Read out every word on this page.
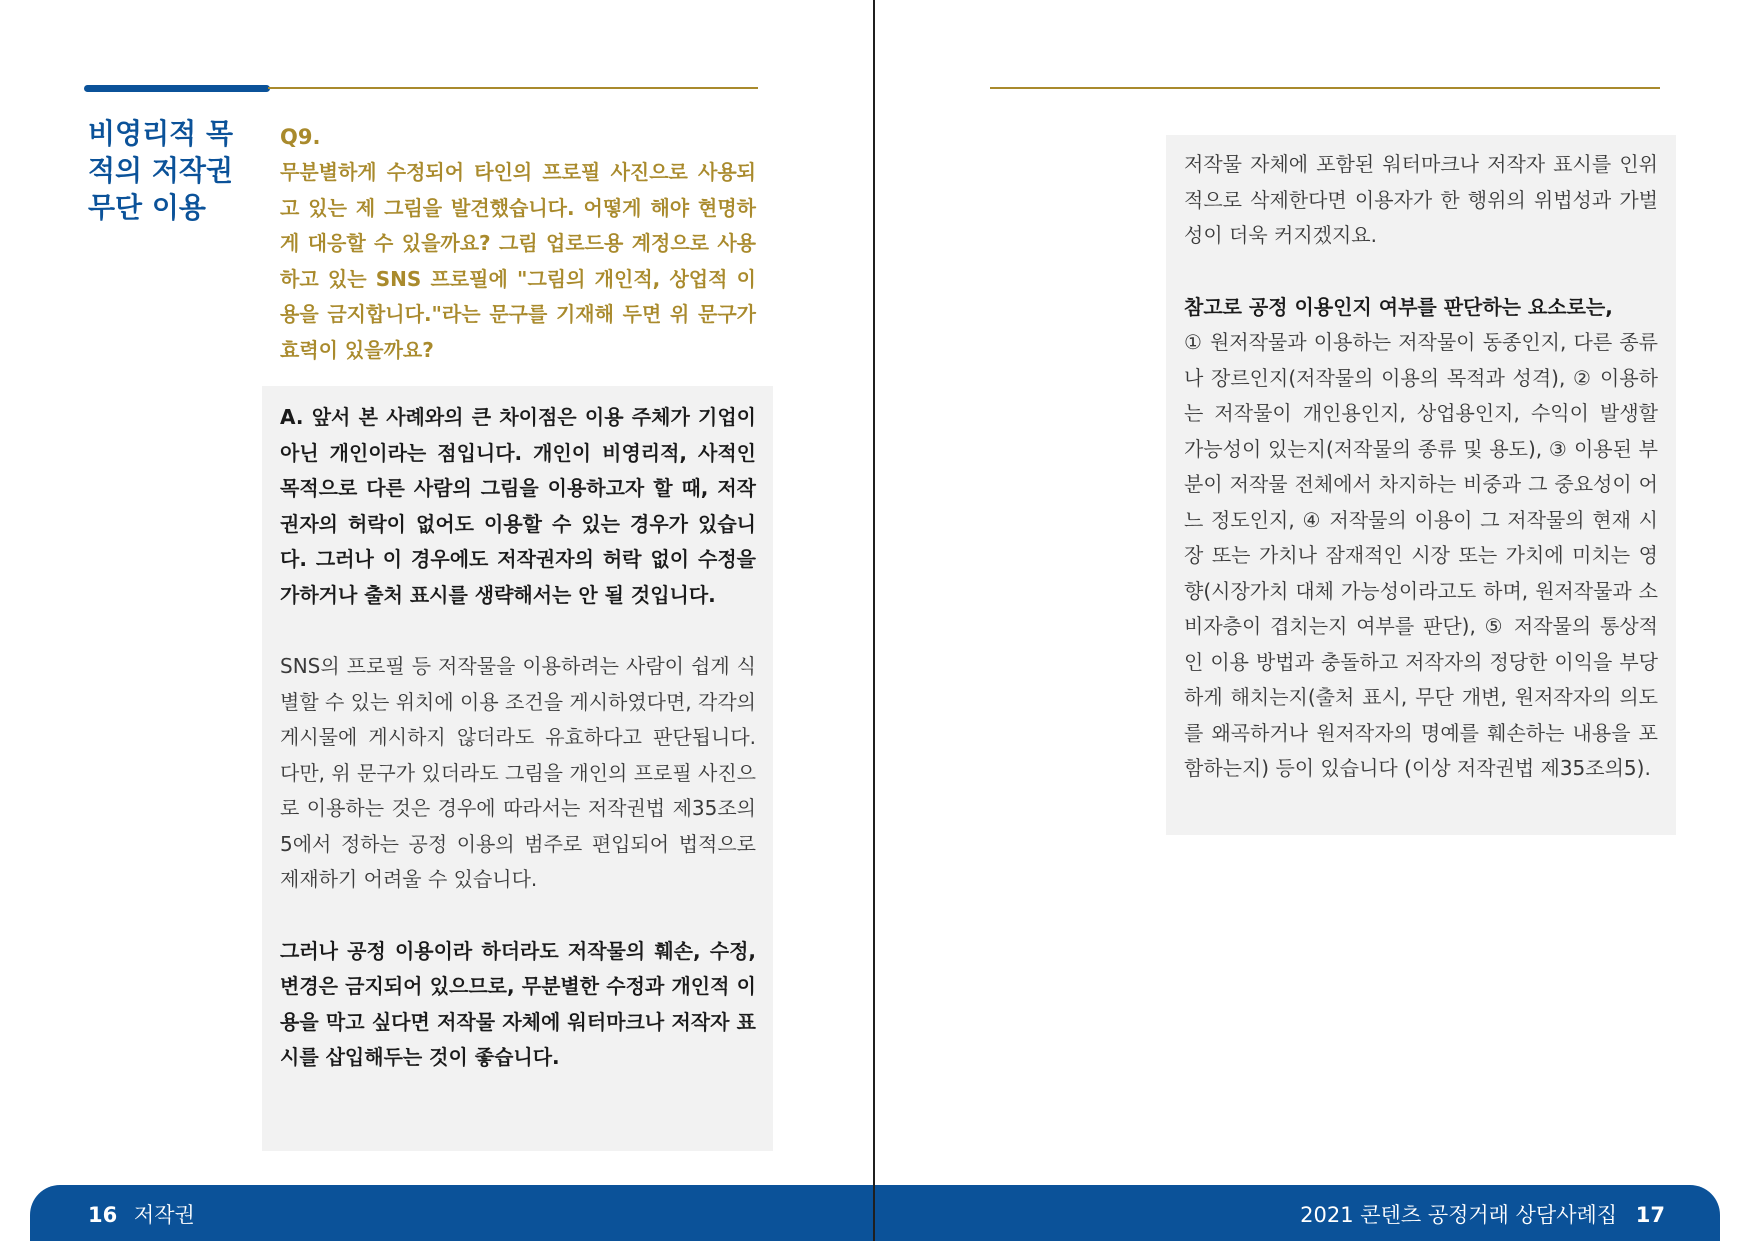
비영리적 목적의 저작권 무단 이용
Q9.

무분별하게 수정되어 타인의 프로필 사진으로 사용되고 있는 제 그림을 발견했습니다. 어떻게 해야 현명하게 대응할 수 있을까요? 그림 업로드용 계정으로 사용하고 있는 SNS 프로필에 "그림의 개인적, 상업적 이용을 금지합니다."라는 문구를 기재해 두면 위 문구가 효력이 있을까요?

A. 앞서 본 사례와의 큰 차이점은 이용 주체가 기업이 아닌 개인이라는 점입니다. 개인이 비영리적, 사적인 목적으로 다른 사람의 그림을 이용하고자 할 때, 저작권자의 허락이 없어도 이용할 수 있는 경우가 있습니다. 그러나 이 경우에도 저작권자의 허락 없이 수정을 가하거나 출처 표시를 생략해서는 안 될 것입니다.

SNS의 프로필 등 저작물을 이용하려는 사람이 쉽게 식별할 수 있는 위치에 이용 조건을 게시하였다면, 각각의 게시물에 게시하지 않더라도 유효하다고 판단됩니다. 다만, 위 문구가 있더라도 그림을 개인의 프로필 사진으로 이용하는 것은 경우에 따라서는 저작권법 제35조의5에서 정하는 공정 이용의 범주로 편입되어 법적으로 제재하기 어려울 수 있습니다.

그러나 공정 이용이라 하더라도 저작물의 훼손, 수정, 변경은 금지되어 있으므로, 무분별한 수정과 개인적 이용을 막고 싶다면 저작물 자체에 워터마크나 저작자 표시를 삽입해두는 것이 좋습니다.

저작물 자체에 포함된 워터마크나 저작자 표시를 인위적으로 삭제한다면 이용자가 한 행위의 위법성과 가벌성이 더욱 커지겠지요.

참고로 공정 이용인지 여부를 판단하는 요소로는,

① 원저작물과 이용하는 저작물이 동종인지, 다른 종류나 장르인지(저작물의 이용의 목적과 성격), ② 이용하는 저작물이 개인용인지, 상업용인지, 수익이 발생할 가능성이 있는지(저작물의 종류 및 용도), ③ 이용된 부분이 저작물 전체에서 차지하는 비중과 그 중요성이 어느 정도인지, ④ 저작물의 이용이 그 저작물의 현재 시장 또는 가치나 잠재적인 시장 또는 가치에 미치는 영향(시장가치 대체 가능성이라고도 하며, 원저작물과 소비자층이 겹치는지 여부를 판단), ⑤ 저작물의 통상적인 이용 방법과 충돌하고 저작자의 정당한 이익을 부당하게 해치는지(출처 표시, 무단 개변, 원저작자의 의도를 왜곡하거나 원저작자의 명예를 훼손하는 내용을 포함하는지) 등이 있습니다 (이상 저작권법 제35조의5).

16 저작권	2021 콘텐츠 공정거래 상담사례집 17
